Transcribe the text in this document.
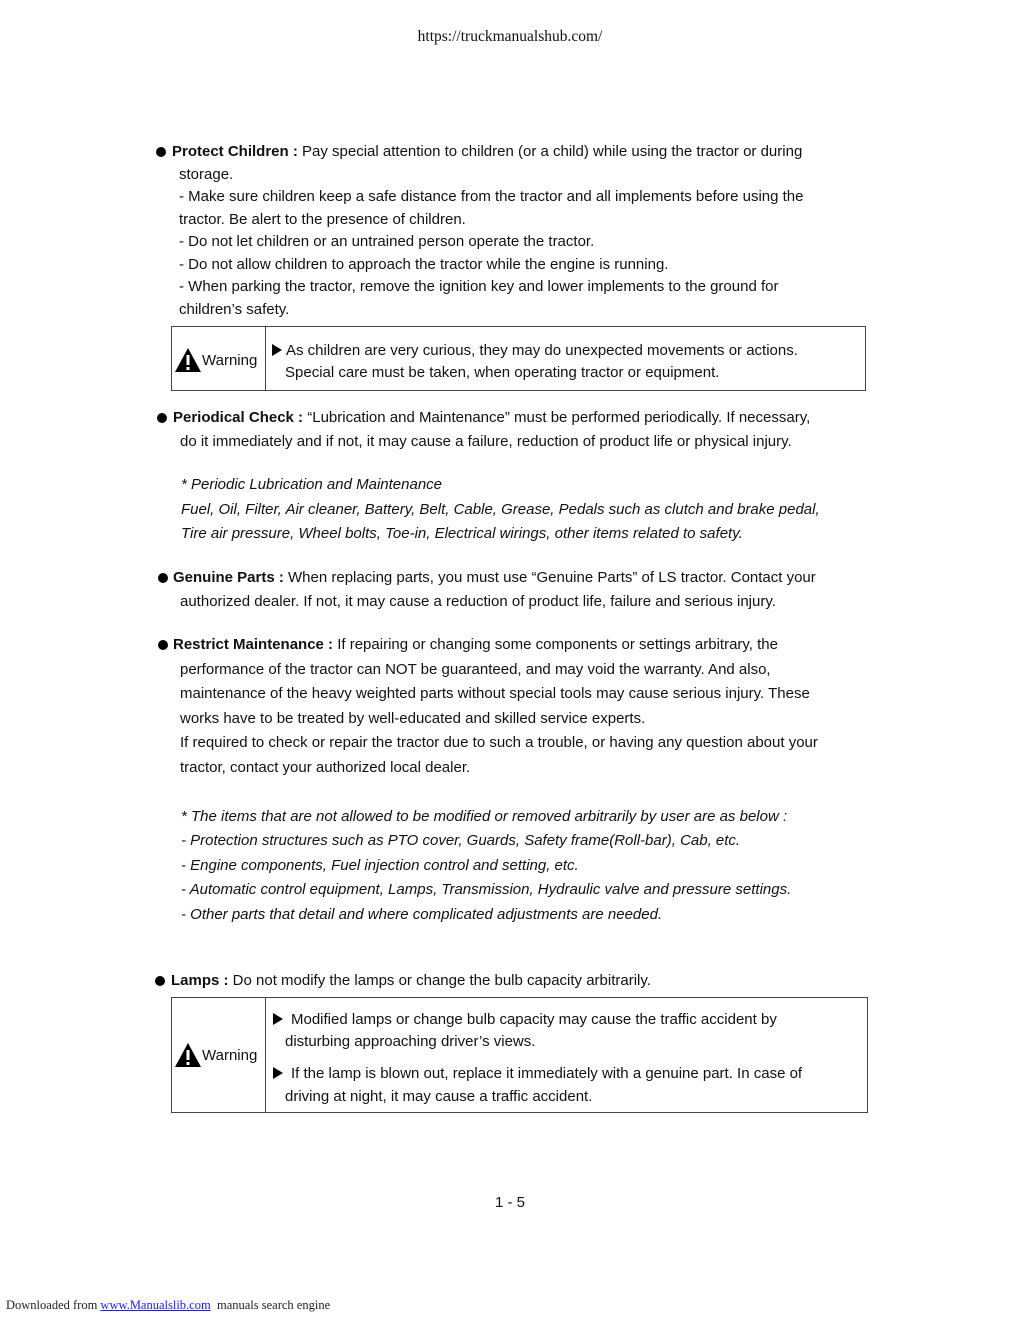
https://truckmanualshub.com/
Protect Children : Pay special attention to children (or a child) while using the tractor or during
storage.
- Make sure children keep a safe distance from the tractor and all implements before using the
tractor. Be alert to the presence of children.
- Do not let children or an untrained person operate the tractor.
- Do not allow children to approach the tractor while the engine is running.
- When parking the tractor, remove the ignition key and lower implements to the ground for
children’s safety.
Warning
As children are very curious, they may do unexpected movements or actions.
Special care must be taken, when operating tractor or equipment.
Periodical Check : “Lubrication and Maintenance” must be performed periodically. If necessary,
do it immediately and if not, it may cause a failure, reduction of product life or physical injury.
* Periodic Lubrication and Maintenance
Fuel, Oil, Filter, Air cleaner, Battery, Belt, Cable, Grease, Pedals such as clutch and brake pedal,
Tire air pressure, Wheel bolts, Toe-in, Electrical wirings, other items related to safety.
Genuine Parts : When replacing parts, you must use “Genuine Parts” of LS tractor. Contact your
authorized dealer. If not, it may cause a reduction of product life, failure and serious injury.
Restrict Maintenance : If repairing or changing some components or settings arbitrary, the
performance of the tractor can NOT be guaranteed, and may void the warranty. And also,
maintenance of the heavy weighted parts without special tools may cause serious injury. These
works have to be treated by well-educated and skilled service experts.
If required to check or repair the tractor due to such a trouble, or having any question about your
tractor, contact your authorized local dealer.
* The items that are not allowed to be modified or removed arbitrarily by user are as below :
- Protection structures such as PTO cover, Guards, Safety frame(Roll-bar), Cab, etc.
- Engine components, Fuel injection control and setting, etc.
- Automatic control equipment, Lamps, Transmission, Hydraulic valve and pressure settings.
- Other parts that detail and where complicated adjustments are needed.
Lamps : Do not modify the lamps or change the bulb capacity arbitrarily.
Warning
Modified lamps or change bulb capacity may cause the traffic accident by
disturbing approaching driver’s views.
If the lamp is blown out, replace it immediately with a genuine part. In case of
driving at night, it may cause a traffic accident.
1 - 5
Downloaded from www.Manualslib.com  manuals search engine
